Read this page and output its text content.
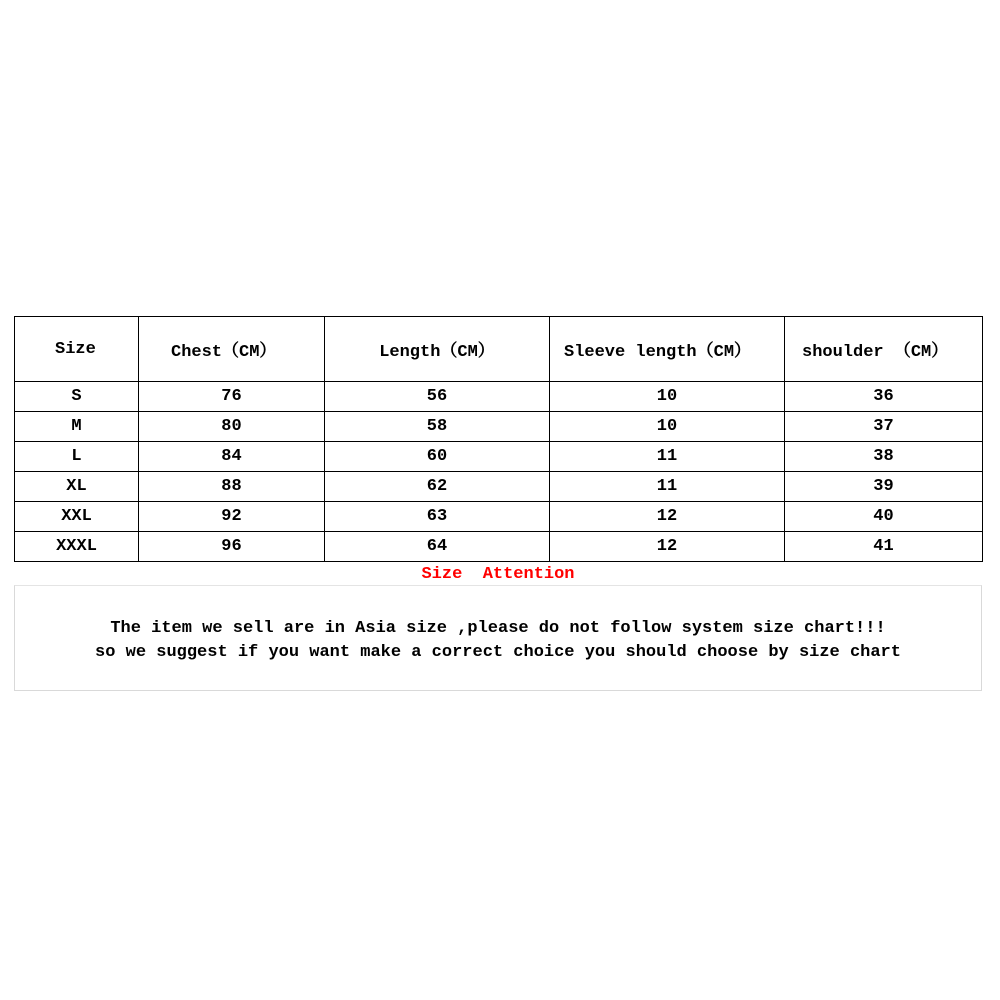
Size	Chest（CM）	Length（CM）	Sleeve length（CM）	shoulder （CM）
S	76	56	10	36
M	80	58	10	37
L	84	60	11	38
XL	88	62	11	39
XXL	92	63	12	40
XXXL	96	64	12	41
Size  Attention
The item we sell are in Asia size ,please do not follow system size chart!!!
so we suggest if you want make a correct choice you should choose by size chart
